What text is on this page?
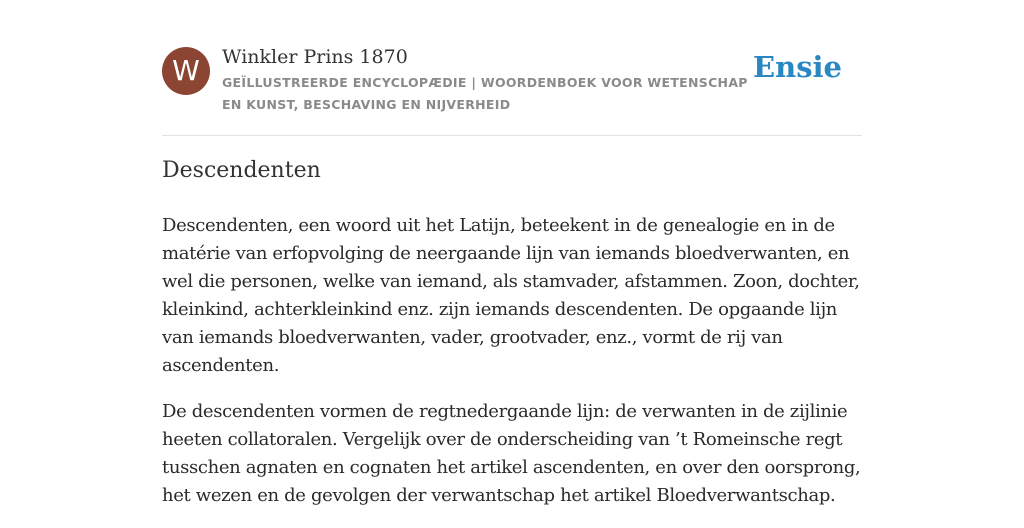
W	Winkler Prins 1870
GEÏLLUSTREERDE ENCYCLOPÆDIE | WOORDENBOEK VOOR WETENSCHAP EN KUNST, BESCHAVING EN NIJVERHEID
Ensie
Descendenten

Descendenten, een woord uit het Latijn, beteekent in de genealogie en in de matérie van erfopvolging de neergaande lijn van iemands bloedverwanten, en wel die personen, welke van iemand, als stamvader, afstammen. Zoon, dochter, kleinkind, achterkleinkind enz. zijn iemands descendenten. De opgaande lijn van iemands bloedverwanten, vader, grootvader, enz., vormt de rij van ascendenten.

De descendenten vormen de regtnedergaande lijn: de verwanten in de zijlinie heeten collatoralen. Vergelijk over de onderscheiding van ’t Romeinsche regt tusschen agnaten en cognaten het artikel ascendenten, en over den oorsprong, het wezen en de gevolgen der verwantschap het artikel Bloedverwantschap.
